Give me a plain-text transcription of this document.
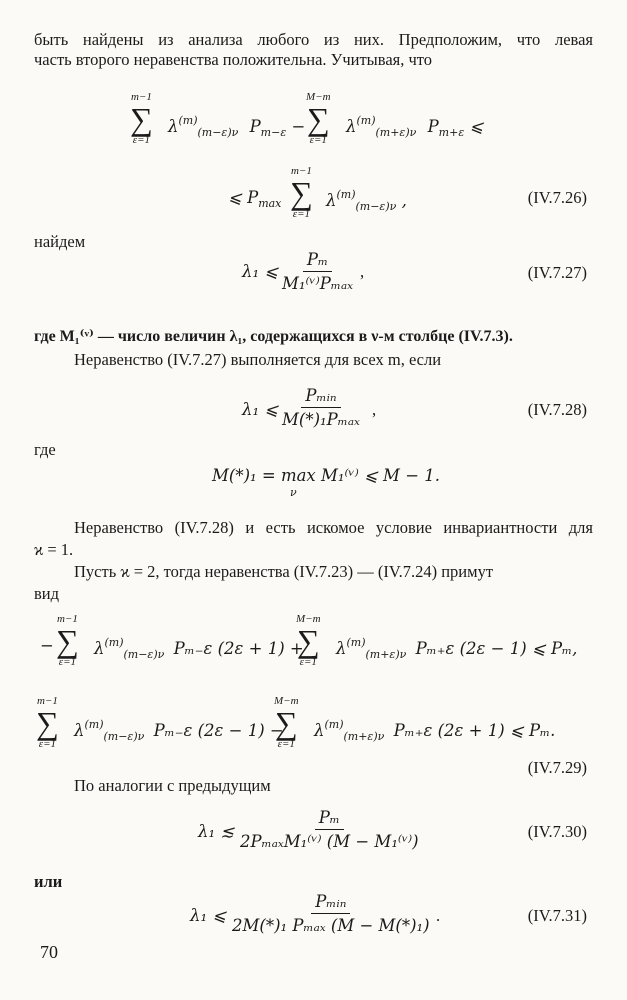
быть найдены из анализа любого из них. Предположим, что левая
часть второго неравенства положительна. Учитывая, что
m−1
∑
ε=1
$\lambda^{(m)}_{(m-\varepsilon)\nu}$ $P_{m-\varepsilon}$ −
M−m
∑
ε=1
$\lambda^{(m)}_{(m+\varepsilon)\nu}$ $P_{m+\varepsilon}$ ⩽
⩽ $P_{max}$
m−1
∑
ε=1
$\lambda^{(m)}_{(m-\varepsilon)\nu}$ ,	(IV.7.26)
найдем
λ₁ ⩽
Pₘ
M₁⁽ᵛ⁾Pₘₐₓ
,	(IV.7.27)
где M₁⁽ᵛ⁾ — число величин λ₁, содержащихся в ν-м столбце (IV.7.3).
Неравенство (IV.7.27) выполняется для всех m, если
λ₁ ⩽
Pₘᵢₙ
M(*)₁Pₘₐₓ
,	(IV.7.28)
где
M(*)₁ = max M₁⁽ᵛ⁾ ⩽ M − 1.
ν
Неравенство (IV.7.28) и есть искомое условие инвариантности для
ϰ = 1.
Пусть ϰ = 2, тогда неравенства (IV.7.23) — (IV.7.24) примут
вид
−
m−1
∑
ε=1
$\lambda^{(m)}_{(m-\varepsilon)\nu}$ Pₘ₋ε (2ε + 1) +
M−m
∑
ε=1
$\lambda^{(m)}_{(m+\varepsilon)\nu}$ Pₘ₊ε (2ε − 1) ⩽ Pₘ,
m−1
∑
ε=1
$\lambda^{(m)}_{(m-\varepsilon)\nu}$ Pₘ₋ε (2ε − 1) −
M−m
∑
ε=1
$\lambda^{(m)}_{(m+\varepsilon)\nu}$ Pₘ₊ε (2ε + 1) ⩽ Pₘ.
(IV.7.29)
По аналогии с предыдущим
λ₁ ≲
Pₘ
2PₘₐₓM₁⁽ᵛ⁾ (M − M₁⁽ᵛ⁾)
(IV.7.30)
или
λ₁ ⩽
Pₘᵢₙ
2M(*)₁ Pₘₐₓ (M − M(*)₁)
.	(IV.7.31)
70
